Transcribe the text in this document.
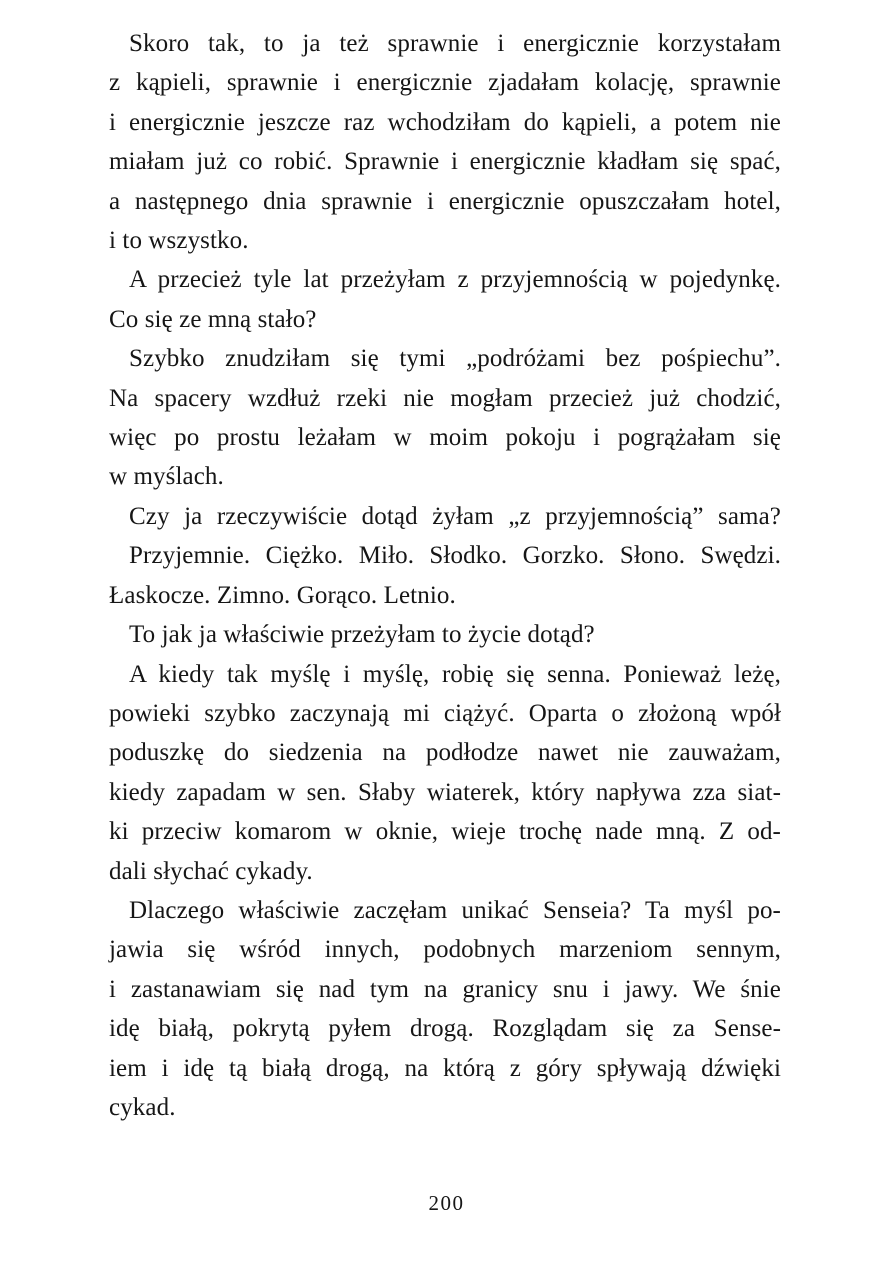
Skoro tak, to ja też sprawnie i energicznie korzystałam
z kąpieli, sprawnie i energicznie zjadałam kolację, sprawnie
i energicznie jeszcze raz wchodziłam do kąpieli, a potem nie
miałam już co robić. Sprawnie i energicznie kładłam się spać,
a następnego dnia sprawnie i energicznie opuszczałam hotel,
i to wszystko.
A przecież tyle lat przeżyłam z przyjemnością w pojedynkę.
Co się ze mną stało?
Szybko znudziłam się tymi „podróżami bez pośpiechu”.
Na spacery wzdłuż rzeki nie mogłam przecież już chodzić,
więc po prostu leżałam w moim pokoju i pogrążałam się
w myślach.
Czy ja rzeczywiście dotąd żyłam „z przyjemnością” sama?
Przyjemnie. Ciężko. Miło. Słodko. Gorzko. Słono. Swędzi.
Łaskocze. Zimno. Gorąco. Letnio.
To jak ja właściwie przeżyłam to życie dotąd?
A kiedy tak myślę i myślę, robię się senna. Ponieważ leżę,
powieki szybko zaczynają mi ciążyć. Oparta o złożoną wpół
poduszkę do siedzenia na podłodze nawet nie zauważam,
kiedy zapadam w sen. Słaby wiaterek, który napływa zza siat-
ki przeciw komarom w oknie, wieje trochę nade mną. Z od-
dali słychać cykady.
Dlaczego właściwie zaczęłam unikać Senseia? Ta myśl po-
jawia się wśród innych, podobnych marzeniom sennym,
i zastanawiam się nad tym na granicy snu i jawy. We śnie
idę białą, pokrytą pyłem drogą. Rozglądam się za Sense-
iem i idę tą białą drogą, na którą z góry spływają dźwięki
cykad.
200
